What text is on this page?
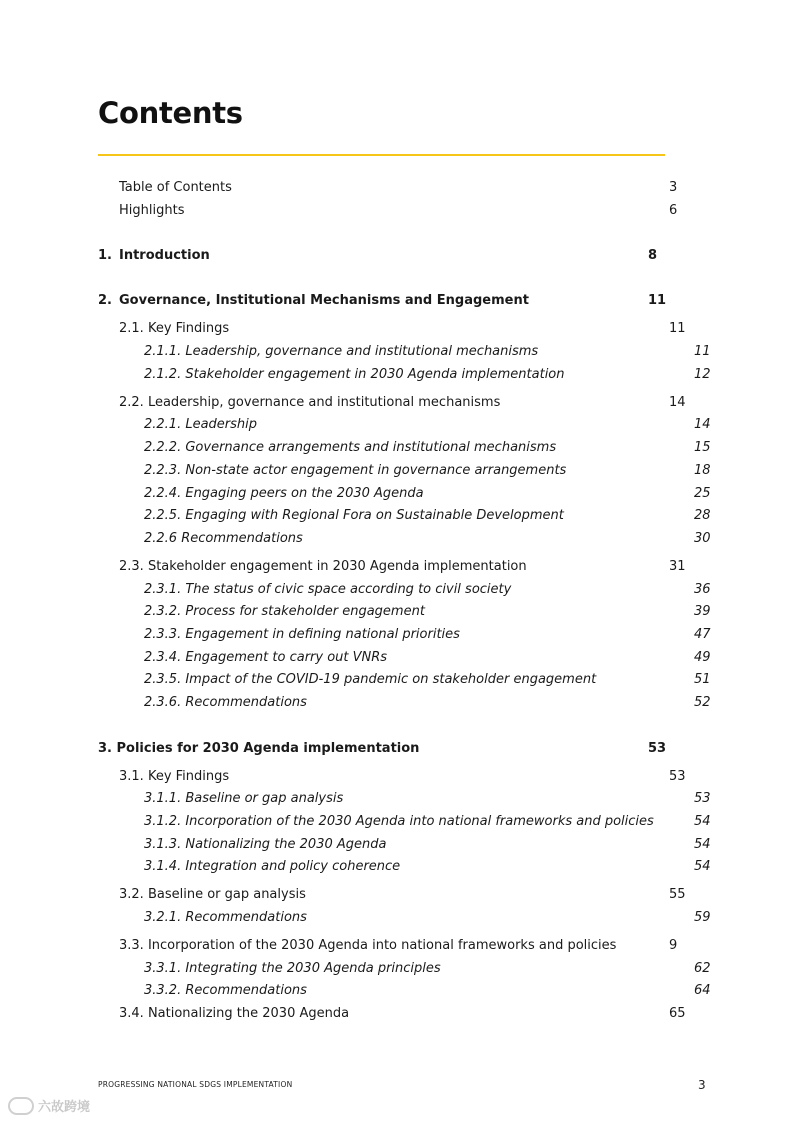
Contents
Table of Contents	3
Highlights	6
1. Introduction	8
2. Governance, Institutional Mechanisms and Engagement	11
2.1. Key Findings	11
2.1.1. Leadership, governance and institutional mechanisms	11
2.1.2. Stakeholder engagement in 2030 Agenda implementation	12
2.2. Leadership, governance and institutional mechanisms	14
2.2.1. Leadership	14
2.2.2. Governance arrangements and institutional mechanisms	15
2.2.3. Non-state actor engagement in governance arrangements	18
2.2.4. Engaging peers on the 2030 Agenda	25
2.2.5. Engaging with Regional Fora on Sustainable Development	28
2.2.6 Recommendations	30
2.3. Stakeholder engagement in 2030 Agenda implementation	31
2.3.1. The status of civic space according to civil society	36
2.3.2. Process for stakeholder engagement	39
2.3.3. Engagement in defining national priorities	47
2.3.4. Engagement to carry out VNRs	49
2.3.5. Impact of the COVID-19 pandemic on stakeholder engagement	51
2.3.6. Recommendations	52
3. Policies for 2030 Agenda implementation	53
3.1. Key Findings	53
3.1.1. Baseline or gap analysis	53
3.1.2. Incorporation of the 2030 Agenda into national frameworks and policies	54
3.1.3. Nationalizing the 2030 Agenda	54
3.1.4. Integration and policy coherence	54
3.2. Baseline or gap analysis	55
3.2.1. Recommendations	59
3.3. Incorporation of the 2030 Agenda into national frameworks and policies	9
3.3.1. Integrating the 2030 Agenda principles	62
3.3.2. Recommendations	64
3.4. Nationalizing the 2030 Agenda	65
PROGRESSING NATIONAL SDGS IMPLEMENTATION	3
六故跨境
